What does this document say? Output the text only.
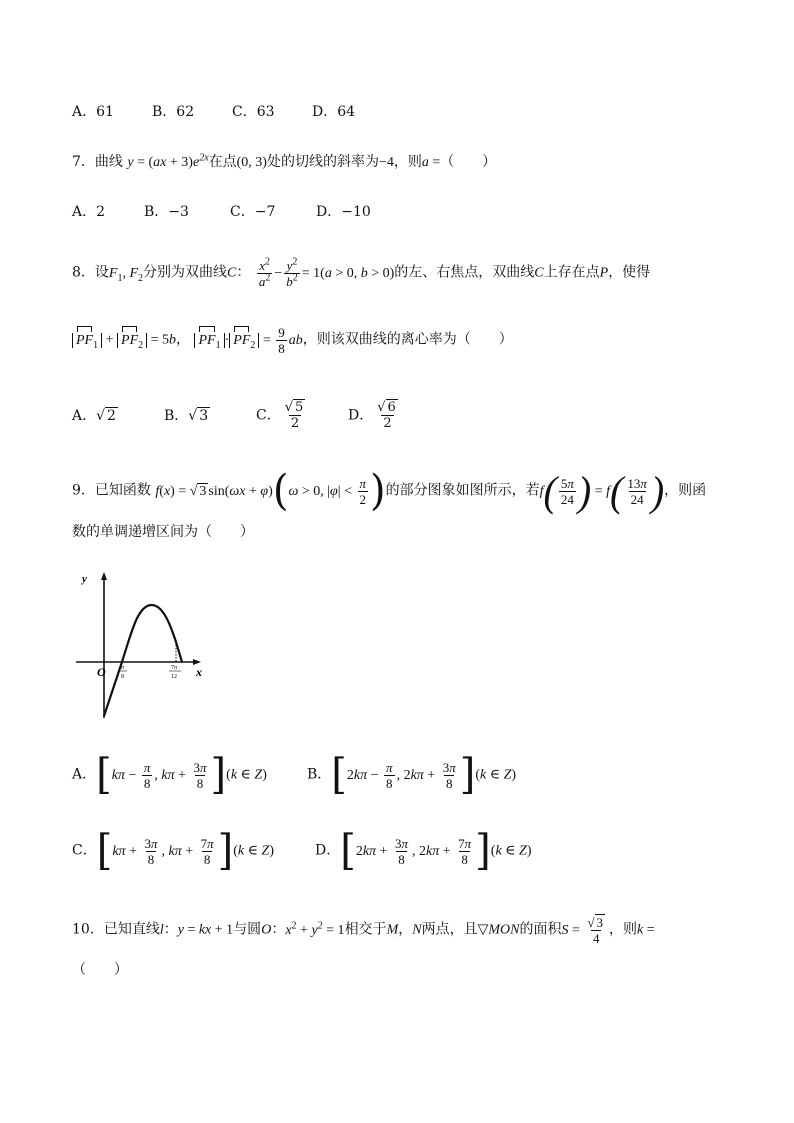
A．61	B．62	C．63	D．64
7．曲线 $y = (ax + 3)e^{2x}$在点(0, 3)处的切线的斜率为−4，则a =（　　）
A．2	B．−3	C．−7	D．−10
8．设$F_1$, $F_2$分别为双曲线C： $\frac{x^2}{a^2} - \frac{y^2}{b^2} = 1(a > 0$, b > 0)的左、右焦点，双曲线C上存在点P，使得
$PF_1 + PF_2 = 5b$， $PF_1 \cdot PF_2 = \frac{9}{8}$ ab，则该双曲线的离心率为（　　）
A．√ 2	B．√ 3	C． $\frac{√ 5}{2}$	D． $\frac{√ 6}{2}$
9．已知函数 f(x) = √ 3 sin(ωx + φ)(ω > 0, $|\varphi| < \frac{\pi}{2}$ )的部分图象如图所示，若$f( \frac{5\pi}{24}$ ) = $f( \frac{13\pi}{24}$ )，则函
数的单调递增区间为（　　）
y
x
O	π
8
7π
12
A．[$k\pi - \frac{\pi}{8}$ , $k\pi + \frac{3\pi}{8} ](k$ ∈ Z)	B．[$2k\pi - \frac{\pi}{8}$ , $2k\pi + \frac{3\pi}{8} ](k$ ∈ Z)
C．[$k\pi + \frac{3\pi}{8}$ , $k\pi + \frac{7\pi}{8} ](k$ ∈ Z)	D．[$2k\pi + \frac{3\pi}{8}$ , $2k\pi + \frac{7\pi}{8} ](k$ ∈ Z)
10．已知直线l：y = kx + 1与圆O：$x^2 + y^2 = 1$相交于M，N两点，且▽MON的面积$S = \frac{√ 3}{4}$ ，则k =
（　　）
